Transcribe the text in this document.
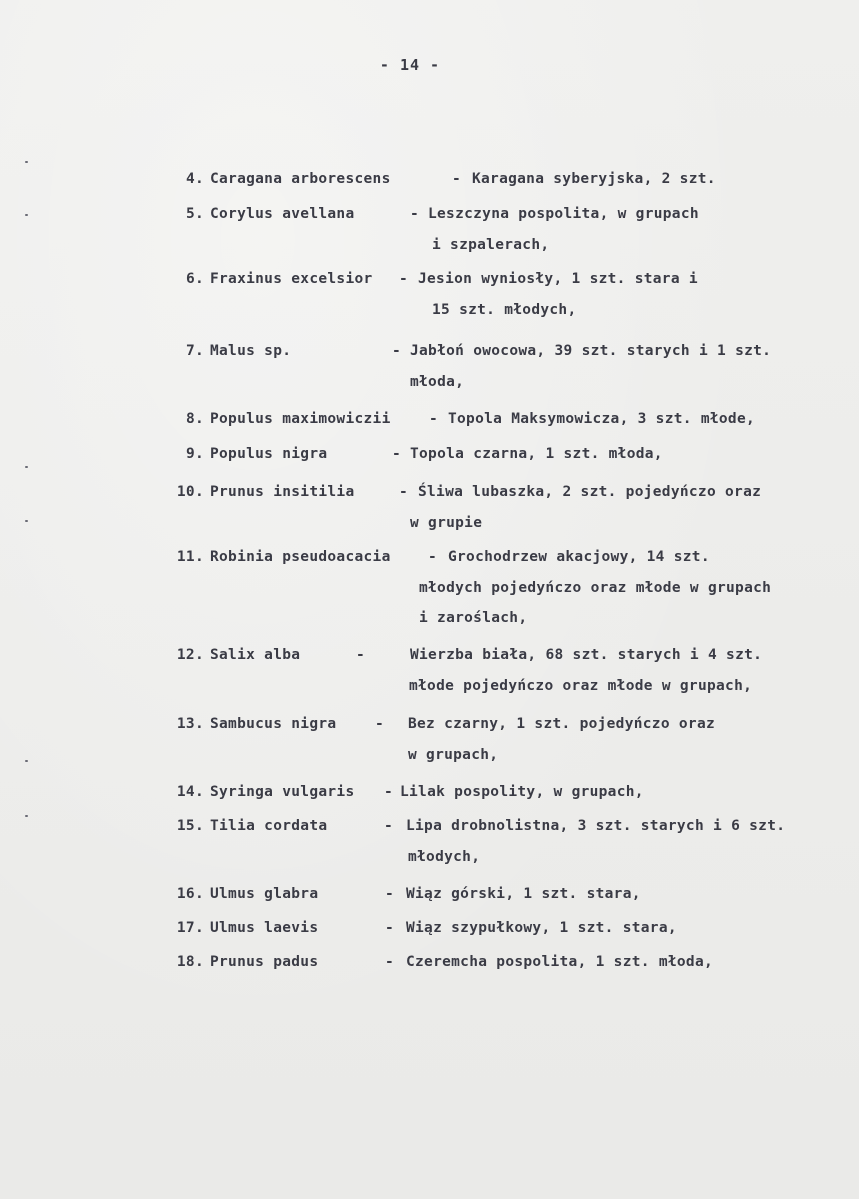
- 14 -
4. Caragana arborescens	- Karagana syberyjska, 2 szt.
5. Corylus avellana	- Leszczyna pospolita, w grupach
i szpalerach,
6. Fraxinus excelsior - Jesion wyniosły, 1 szt. stara i
15 szt. młodych,
7. Malus sp.	- Jabłoń owocowa, 39 szt. starych i 1 szt.
młoda,
8. Populus maximowiczii	- Topola Maksymowicza, 3 szt. młode,
9. Populus nigra	- Topola czarna, 1 szt. młoda,
10. Prunus insitilia	- Śliwa lubaszka, 2 szt. pojedyńczo oraz
w grupie
11. Robinia pseudoacacia	- Grochodrzew akacjowy, 14 szt.
młodych pojedyńczo oraz młode w grupach
i zaroślach,
12. Salix alba	-	Wierzba biała, 68 szt. starych i 4 szt.
młode pojedyńczo oraz młode w grupach,
13. Sambucus nigra	- Bez czarny, 1 szt. pojedyńczo oraz
w grupach,
14. Syringa vulgaris - Lilak pospolity, w grupach,
15. Tilia cordata	- Lipa drobnolistna, 3 szt. starych i 6 szt.
młodych,
16. Ulmus glabra	- Wiąz górski, 1 szt. stara,
17. Ulmus laevis	- Wiąz szypułkowy, 1 szt. stara,
18. Prunus padus	- Czeremcha pospolita, 1 szt. młoda,
